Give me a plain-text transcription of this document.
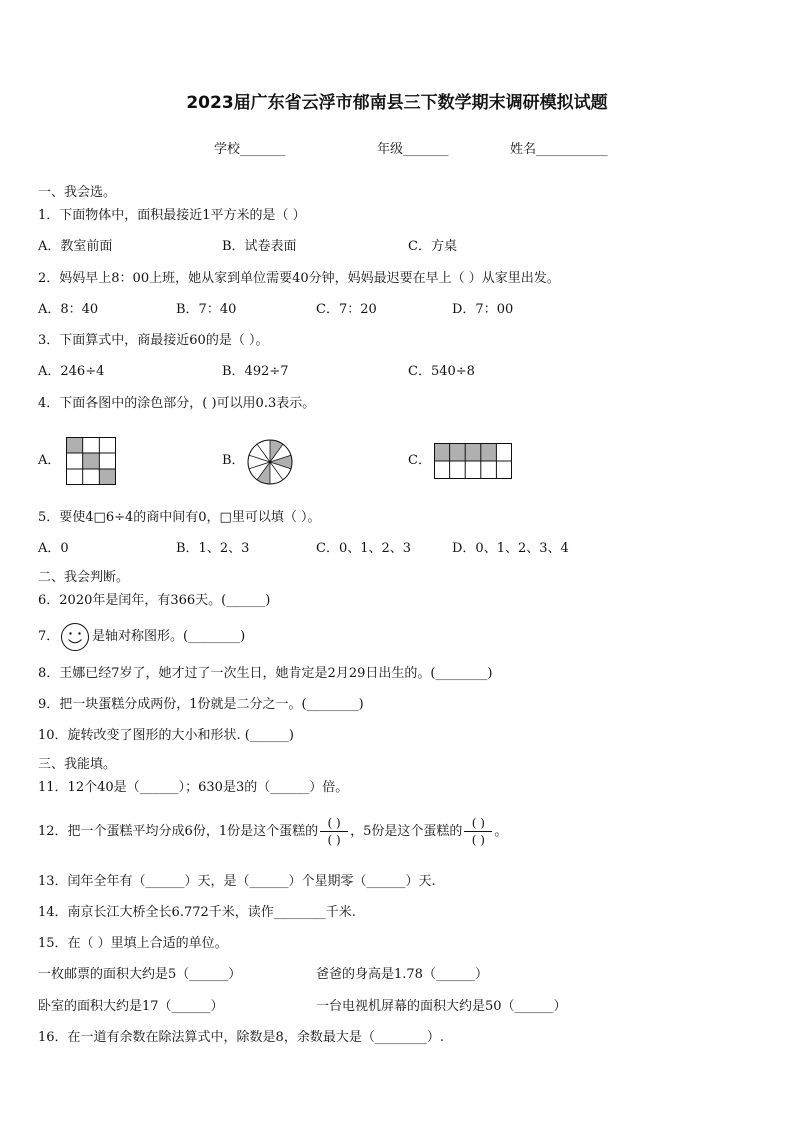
2023届广东省云浮市郁南县三下数学期末调研模拟试题
学校_______	年级_______	姓名___________
一、我会选。
1．下面物体中，面积最接近1平方米的是（ ）
A．教室前面	B．试卷表面	C．方桌
2．妈妈早上8：00上班，她从家到单位需要40分钟，妈妈最迟要在早上（ ）从家里出发。
A．8：40	B．7：40	C．7：20	D．7：00
3．下面算式中，商最接近60的是（ ）。
A．246÷4	B．492÷7	C．540÷8
4．下面各图中的涂色部分，( )可以用0.3表示。
A．	B．	C．
5．要使4□6÷4的商中间有0，□里可以填（ ）。
A．0	B．1、2、3	C．0、1、2、3	D．0、1、2、3、4
二、我会判断。
6．2020年是闰年，有366天。(______)
7．	是轴对称图形。(________)
8．王娜已经7岁了，她才过了一次生日，她肯定是2月29日出生的。(________)
9．把一块蛋糕分成两份，1份就是二分之一。(________)
10．旋转改变了图形的大小和形状. (______)
三、我能填。
11．12个40是（______）；630是3的（______）倍。
12．把一个蛋糕平均分成6份，1份是这个蛋糕的 $\frac{( )}{( )}$ ，5份是这个蛋糕的 $\frac{( )}{( )}$ 。
13．闰年全年有（______）天，是（______）个星期零（______）天.
14．南京长江大桥全长6.772千米，读作________千米.
15．在（ ）里填上合适的单位。
一枚邮票的面积大约是5（______）	爸爸的身高是1.78（______）
卧室的面积大约是17（______）	一台电视机屏幕的面积大约是50（______）
16．在一道有余数在除法算式中，除数是8，余数最大是（________）.
